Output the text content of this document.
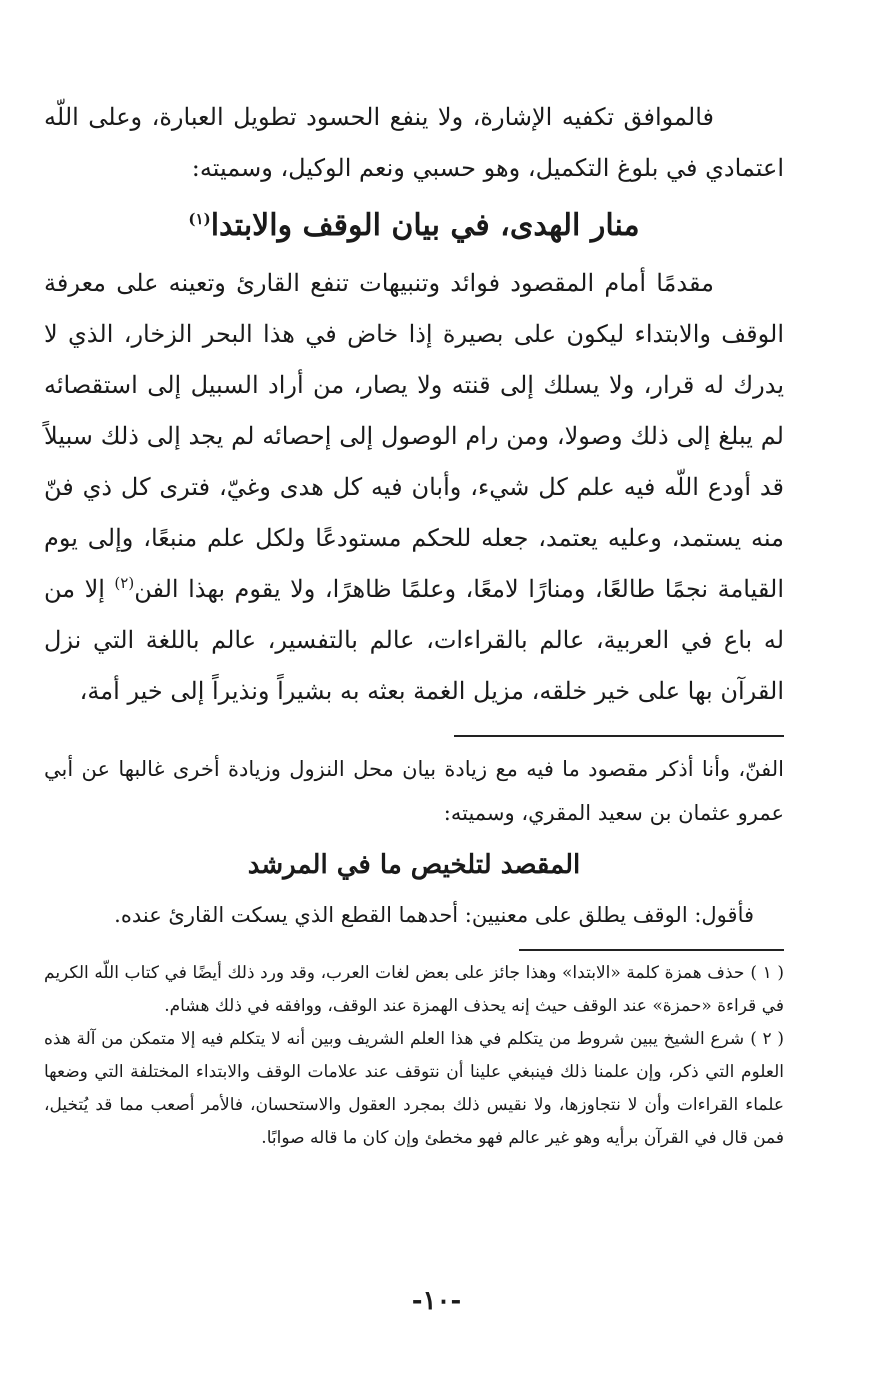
فالموافق تكفيه الإشارة، ولا ينفع الحسود تطويل العبارة، وعلى اللّه اعتمادي في بلوغ التكميل، وهو حسبي ونعم الوكيل، وسميته:

منار الهدى، في بيان الوقف والابتدا$^{(١)}$

مقدمًا أمام المقصود فوائد وتنبيهات تنفع القارئ وتعينه على معرفة الوقف والابتداء ليكون على بصيرة إذا خاض في هذا البحر الزخار، الذي لا يدرك له قرار، ولا يسلك إلى قنته ولا يصار، من أراد السبيل إلى استقصائه لم يبلغ إلى ذلك وصولا، ومن رام الوصول إلى إحصائه لم يجد إلى ذلك سبيلاً قد أودع اللّه فيه علم كل شيء، وأبان فيه كل هدى وغيّ، فترى كل ذي فنّ منه يستمد، وعليه يعتمد، جعله للحكم مستودعًا ولكل علم منبعًا، وإلى يوم القيامة نجمًا طالعًا، ومنارًا لامعًا، وعلمًا ظاهرًا، ولا يقوم بهذا الفن$^{(٢)}$ إلا من له باع في العربية، عالم بالقراءات، عالم بالتفسير، عالم باللغة التي نزل القرآن بها على خير خلقه، مزيل الغمة بعثه به بشيراً ونذيراً إلى خير أمة،

الفنّ، وأنا أذكر مقصود ما فيه مع زيادة بيان محل النزول وزيادة أخرى غالبها عن أبي عمرو عثمان بن سعيد المقري، وسميته:

المقصد لتلخيص ما في المرشد

فأقول: الوقف يطلق على معنيين: أحدهما القطع الذي يسكت القارئ عنده.

( ١ )حذف همزة كلمة «الابتدا» وهذا جائز على بعض لغات العرب، وقد ورد ذلك أيضًا في كتاب اللّه الكريم في قراءة «حمزة» عند الوقف حيث إنه يحذف الهمزة عند الوقف، ووافقه في ذلك هشام.

( ٢ )شرع الشيخ يبين شروط من يتكلم في هذا العلم الشريف وبين أنه لا يتكلم فيه إلا متمكن من آلة هذه العلوم التي ذكر، وإن علمنا ذلك فينبغي علينا أن نتوقف عند علامات الوقف والابتداء المختلفة التي وضعها علماء القراءات وأن لا نتجاوزها، ولا نقيس ذلك بمجرد العقول والاستحسان، فالأمر أصعب مما قد يُتخيل، فمن قال في القرآن برأيه وهو غير عالم فهو مخطئ وإن كان ما قاله صوابًا.

-١٠-
